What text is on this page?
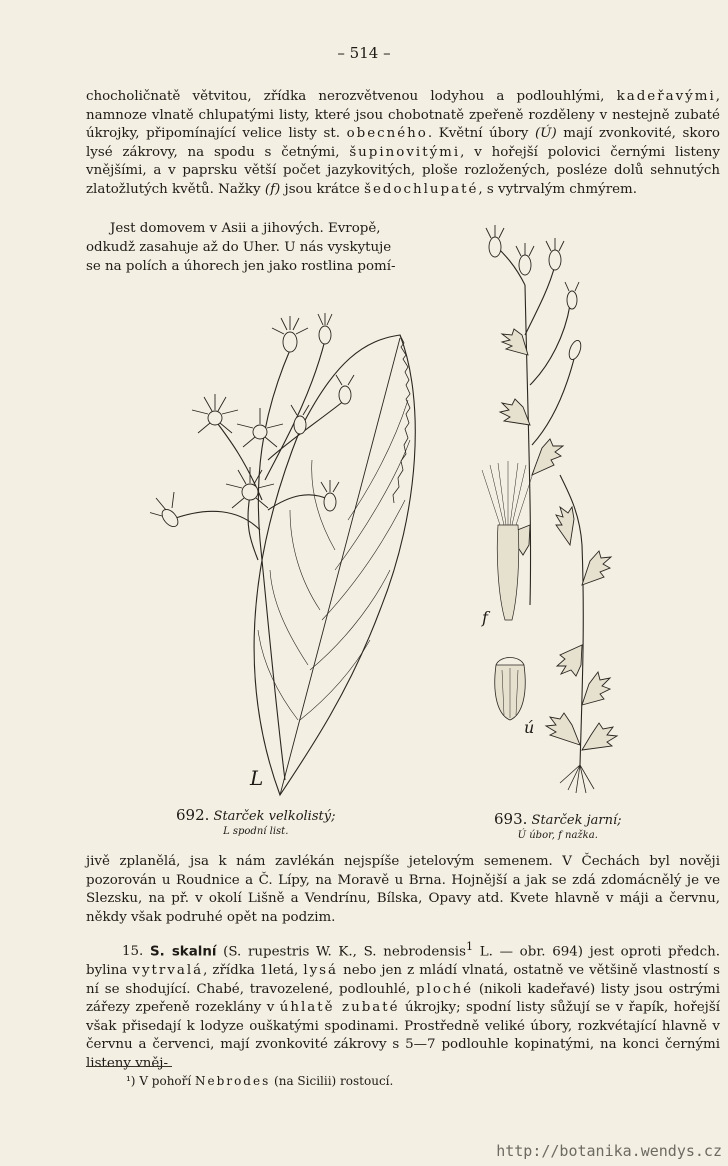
– 514 –

chocholičnatě větvitou, zřídka nerozvětvenou lodyhou a podlouhlými, kadeřavými, namnoze vlnatě chlupatými listy, které jsou chobotnatě zpeřeně rozděleny v nestejně zubaté úkrojky, připomínající velice listy st. obecného. Květní úbory (Ú) mají zvonkovité, skoro lysé zákrovy, na spodu s četnými, šupinovitými, v hořejší polovici černými listeny vnějšími, a v paprsku větší počet jazykovitých, ploše rozložených, posléze dolů sehnutých zlatožlutých květů. Nažky (f) jsou krátce šedochlupaté, s vytrvalým chmýrem.

Jest domovem v Asii a jihových. Evropě,
odkudž zasahuje až do Uher. U nás vyskytuje
se na polích a úhorech jen jako rostlina pomí-
L
f
ú
692. Starček velkolistý;
L spodní list.
693. Starček jarní;
Ú úbor, f nažka.

jivě zplanělá, jsa k nám zavlékán nejspíše jetelovým semenem. V Čechách byl nověji pozorován u Roudnice a Č. Lípy, na Moravě u Brna. Hojnější a jak se zdá zdomácnělý je ve Slezsku, na př. v okolí Lišně a Vendrínu, Bílska, Opavy atd. Kvete hlavně v máji a červnu, někdy však podruhé opět na podzim.

15. S. skalní (S. rupestris W. K., S. nebrodensis$^1$ L. — obr. 694) jest oproti předch. bylina vytrvalá, zřídka 1letá, lysá nebo jen z mládí vlnatá, ostatně ve většině vlastností s ní se shodující. Chabé, travozelené, podlouhlé, ploché (nikoli kadeřavé) listy jsou ostrými zářezy zpeřeně rozeklány v úhlatě zubaté úkrojky; spodní listy sůžují se v řapík, hořejší však přisedají k lodyze ouškatými spodinami. Prostředně veliké úbory, rozkvétající hlavně v červnu a červenci, mají zvonkovité zákrovy s 5—7 podlouhle kopinatými, na konci černými listeny vněj-

¹) V pohoří Nebrodes (na Sicilii) rostoucí.
http://botanika.wendys.cz
